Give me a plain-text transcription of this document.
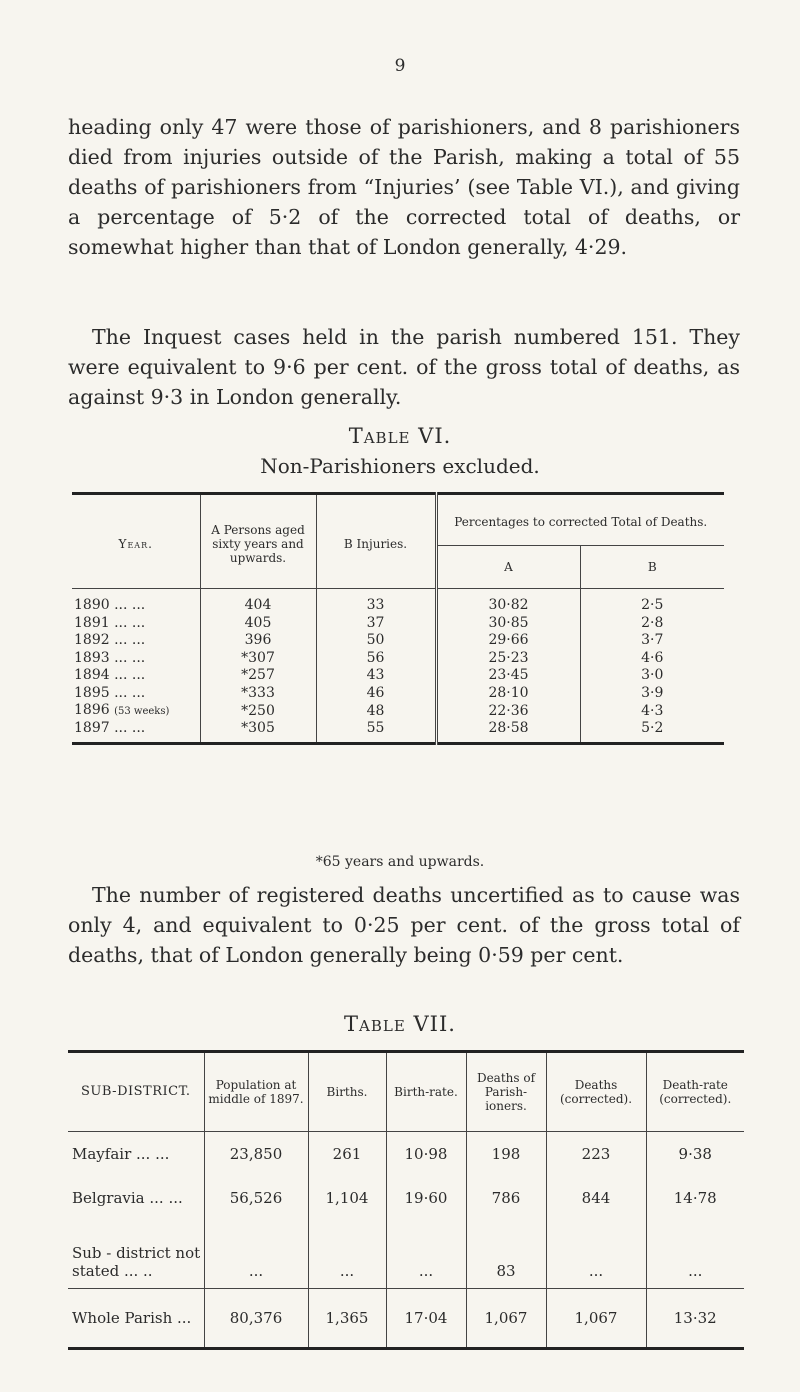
9

heading only 47 were those of parishioners, and 8 parishioners died from injuries outside of the Parish, making a total of 55 deaths of parishioners from “Injuries’ (see Table VI.), and giving a percentage of 5·2 of the corrected total of deaths, or somewhat higher than that of London generally, 4·29.

The Inquest cases held in the parish numbered 151. They were equivalent to 9·6 per cent. of the gross total of deaths, as against 9·3 in London generally.

Table VI.
Non-Parishioners excluded.
Year.	A Persons aged sixty years and upwards.	B Injuries.	Percentages to corrected Total of Deaths.	
			A	B
1890 ... ...	404	33	30·82	2·5
1891 ... ...	405	37	30·85	2·8
1892 ... ...	396	50	29·66	3·7
1893 ... ...	*307	56	25·23	4·6
1894 ... ...	*257	43	23·45	3·0
1895 ... ...	*333	46	28·10	3·9
1896 (53 weeks)	*250	48	22·36	4·3
1897 ... ...	*305	55	28·58	5·2
*65 years and upwards.

The number of registered deaths uncertified as to cause was only 4, and equivalent to 0·25 per cent. of the gross total of deaths, that of London generally being 0·59 per cent.

Table VII.
SUB-DISTRICT.	Population at middle of 1897.	Births.	Birth-rate.	Deaths of Parish-ioners.	Deaths (corrected).	Death-rate (corrected).
Mayfair ... ...	23,850	261	10·98	198	223	9·38
Belgravia ... ...	56,526	1,104	19·60	786	844	14·78
Sub - district not stated ... ..	...	...	...	83	...	...
Whole Parish ...	80,376	1,365	17·04	1,067	1,067	13·32
